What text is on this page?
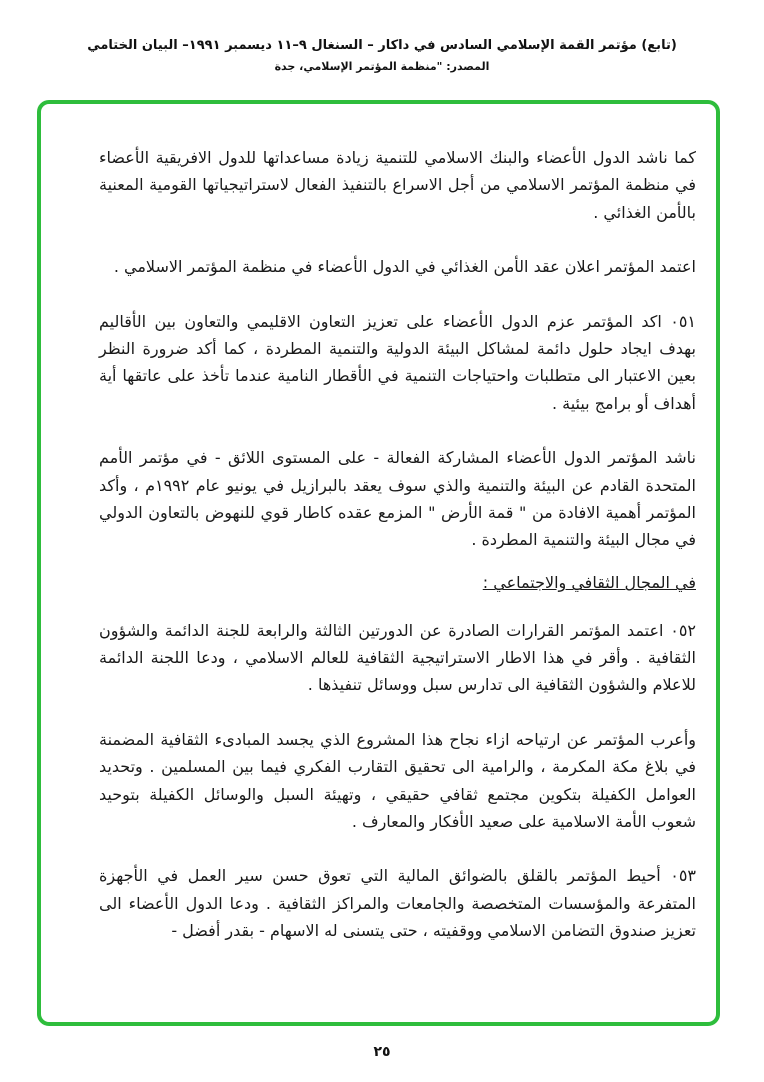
(تابع) مؤتمر القمة الإسلامي السادس في داكار – السنغال ٩–١١ ديسمبر ١٩٩١– البيان الختامي
المصدر: "منظمة المؤتمر الإسلامي، جدة

كما ناشد الدول الأعضاء والبنك الاسلامي للتنمية زيادة مساعداتها للدول الافريقية الأعضاء في منظمة المؤتمر الاسلامي من أجل الاسراع بالتنفيذ الفعال لاستراتيجياتها القومية المعنية بالأمن الغذائي .

اعتمد المؤتمر اعلان عقد الأمن الغذائي في الدول الأعضاء في منظمة المؤتمر الاسلامي .

٠٥١ اكد المؤتمر عزم الدول الأعضاء على تعزيز التعاون الاقليمي والتعاون بين الأقاليم بهدف ايجاد حلول دائمة لمشاكل البيئة الدولية والتنمية المطردة ، كما أكد ضرورة النظر بعين الاعتبار الى متطلبات واحتياجات التنمية في الأقطار النامية عندما تأخذ على عاتقها أية أهداف أو برامج بيئية .

ناشد المؤتمر الدول الأعضاء المشاركة الفعالة - على المستوى اللائق - في مؤتمر الأمم المتحدة القادم عن البيئة والتنمية والذي سوف يعقد بالبرازيل في يونيو عام ١٩٩٢م ، وأكد المؤتمر أهمية الافادة من " قمة الأرض " المزمع عقده كاطار قوي للنهوض بالتعاون الدولي في مجال البيئة والتنمية المطردة .

في المجال الثقافي والاجتماعي :

٠٥٢ اعتمد المؤتمر القرارات الصادرة عن الدورتين الثالثة والرابعة للجنة الدائمة والشؤون الثقافية . وأقر في هذا الاطار الاستراتيجية الثقافية للعالم الاسلامي ، ودعا اللجنة الدائمة للاعلام والشؤون الثقافية الى تدارس سبل ووسائل تنفيذها .

وأعرب المؤتمر عن ارتياحه ازاء نجاح هذا المشروع الذي يجسد المبادىء الثقافية المضمنة في بلاغ مكة المكرمة ، والرامية الى تحقيق التقارب الفكري فيما بين المسلمين . وتحديد العوامل الكفيلة بتكوين مجتمع ثقافي حقيقي ، وتهيئة السبل والوسائل الكفيلة بتوحيد شعوب الأمة الاسلامية على صعيد الأفكار والمعارف .

٠٥٣ أحيط المؤتمر بالقلق بالضوائق المالية التي تعوق حسن سير العمل في الأجهزة المتفرعة والمؤسسات المتخصصة والجامعات والمراكز الثقافية . ودعا الدول الأعضاء الى تعزيز صندوق التضامن الاسلامي ووقفيته ، حتى يتسنى له الاسهام - بقدر أفضل -

٢٥
